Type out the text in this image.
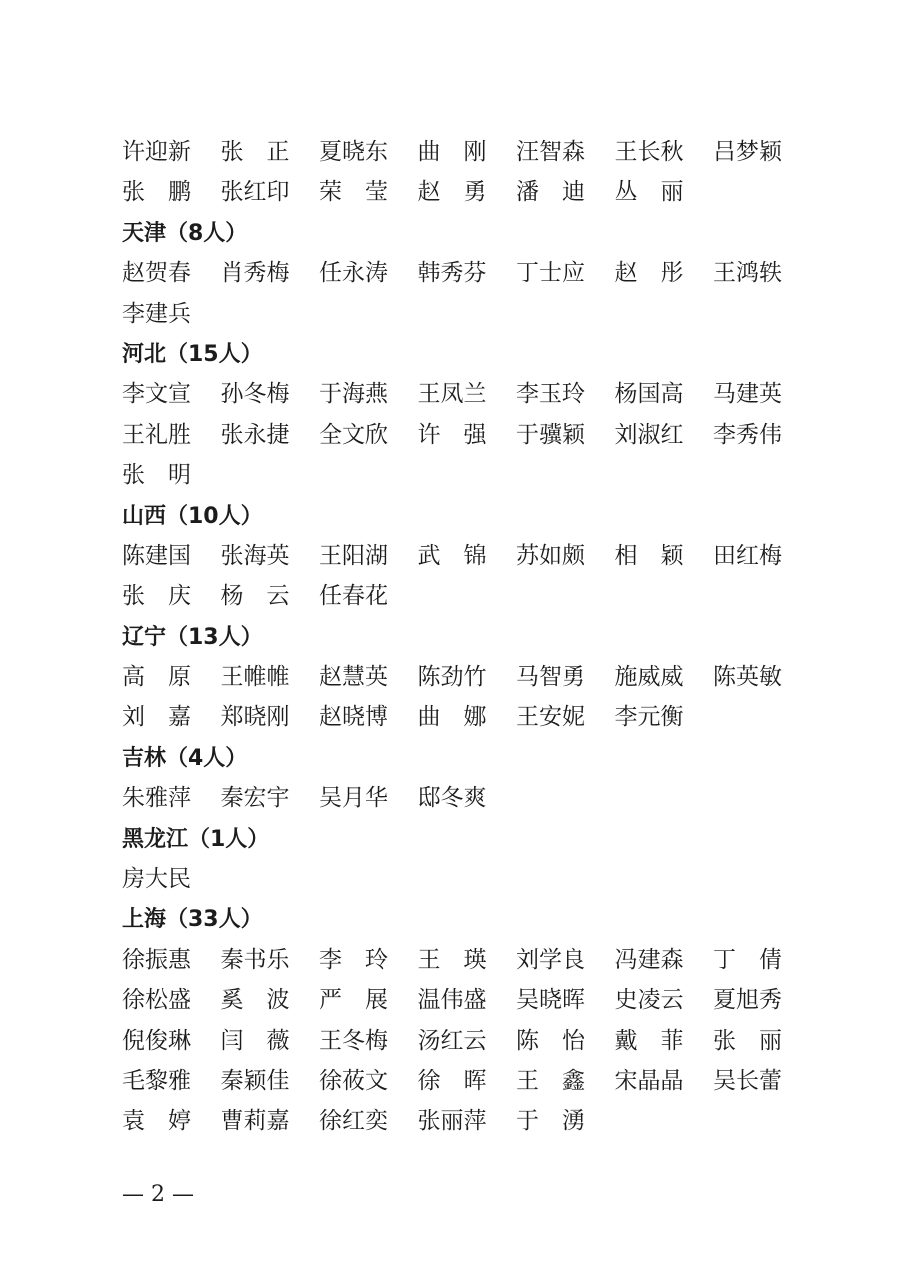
许迎新 张　正 夏晓东 曲　刚 汪智森 王长秋 吕梦颖
张　鹏 张红印 荣　莹 赵　勇 潘　迪 丛　丽
天津（8人）
赵贺春 肖秀梅 任永涛 韩秀芬 丁士应 赵　彤 王鸿轶
李建兵
河北（15人）
李文宣 孙冬梅 于海燕 王凤兰 李玉玲 杨国高 马建英
王礼胜 张永捷 全文欣 许　强 于骥颖 刘淑红 李秀伟
张　明
山西（10人）
陈建国 张海英 王阳湖 武　锦 苏如颇 相　颖 田红梅
张　庆 杨　云 任春花
辽宁（13人）
高　原 王帷帷 赵慧英 陈劲竹 马智勇 施威威 陈英敏
刘　嘉 郑晓刚 赵晓博 曲　娜 王安妮 李元衡
吉林（4人）
朱雅萍 秦宏宇 吴月华 邸冬爽
黑龙江（1人）
房大民
上海（33人）
徐振惠 秦书乐 李　玲 王　瑛 刘学良 冯建森 丁　倩
徐松盛 奚　波 严　展 温伟盛 吴晓晖 史凌云 夏旭秀
倪俊琳 闫　薇 王冬梅 汤红云 陈　怡 戴　菲 张　丽
毛黎雅 秦颖佳 徐莜文 徐　晖 王　鑫 宋晶晶 吴长蕾
袁　婷 曹莉嘉 徐红奕 张丽萍 于　湧
— 2 —
